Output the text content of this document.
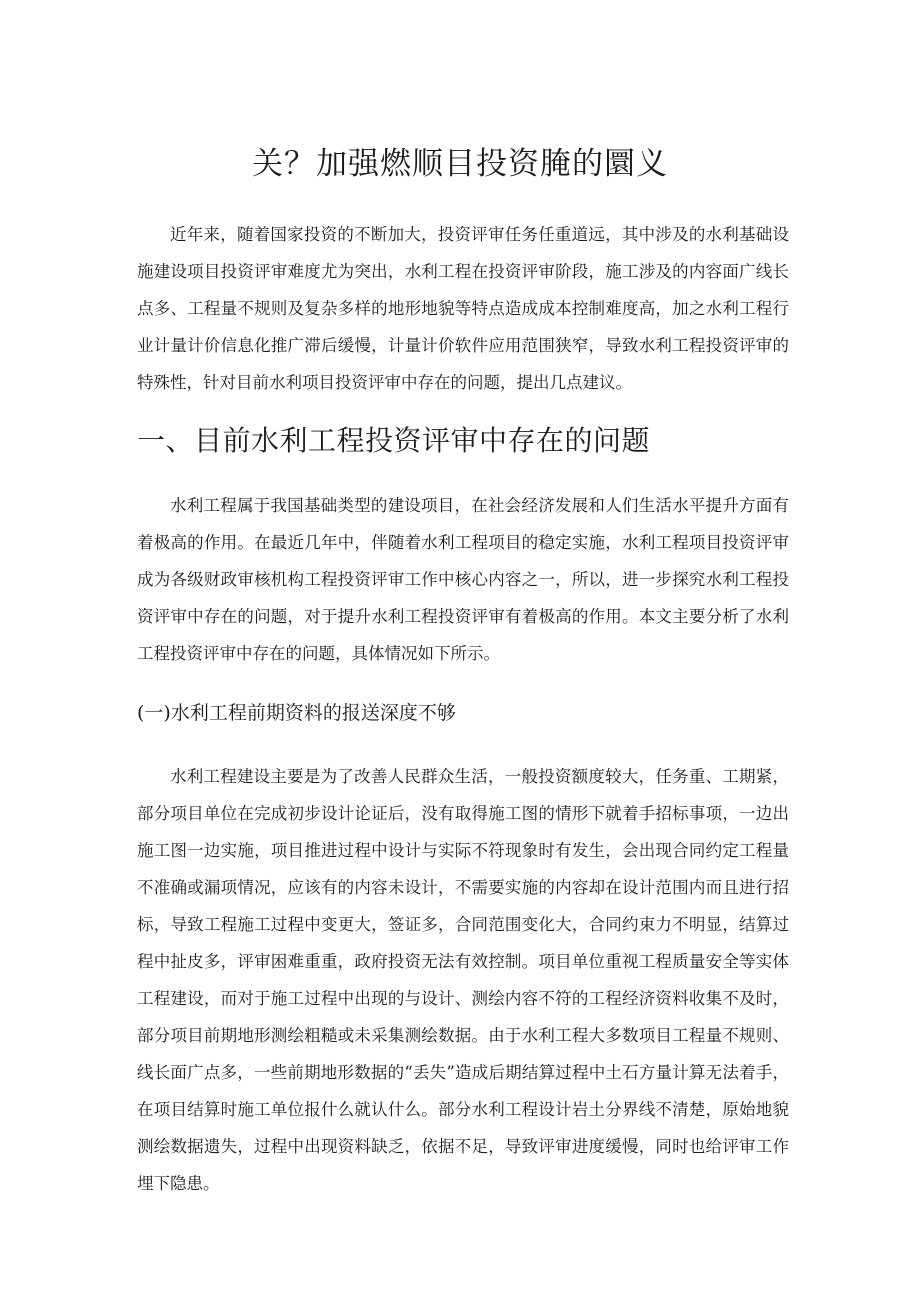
关？加强燃顺目投资腌的圜义

近年来，随着国家投资的不断加大，投资评审任务任重道远，其中涉及的水利基础设施建设项目投资评审难度尤为突出，水利工程在投资评审阶段，施工涉及的内容面广线长点多、工程量不规则及复杂多样的地形地貌等特点造成成本控制难度高，加之水利工程行业计量计价信息化推广滞后缓慢，计量计价软件应用范围狭窄，导致水利工程投资评审的特殊性，针对目前水利项目投资评审中存在的问题，提出几点建议。

一、目前水利工程投资评审中存在的问题

水利工程属于我国基础类型的建设项目，在社会经济发展和人们生活水平提升方面有着极高的作用。在最近几年中，伴随着水利工程项目的稳定实施，水利工程项目投资评审成为各级财政审核机构工程投资评审工作中核心内容之一，所以，进一步探究水利工程投资评审中存在的问题，对于提升水利工程投资评审有着极高的作用。本文主要分析了水利工程投资评审中存在的问题，具体情况如下所示。

(一)水利工程前期资料的报送深度不够

水利工程建设主要是为了改善人民群众生活，一般投资额度较大，任务重、工期紧，部分项目单位在完成初步设计论证后，没有取得施工图的情形下就着手招标事项，一边出施工图一边实施，项目推进过程中设计与实际不符现象时有发生，会出现合同约定工程量不准确或漏项情况，应该有的内容未设计，不需要实施的内容却在设计范围内而且进行招标，导致工程施工过程中变更大，签证多，合同范围变化大，合同约束力不明显，结算过程中扯皮多，评审困难重重，政府投资无法有效控制。项目单位重视工程质量安全等实体工程建设，而对于施工过程中出现的与设计、测绘内容不符的工程经济资料收集不及时，部分项目前期地形测绘粗糙或未采集测绘数据。由于水利工程大多数项目工程量不规则、线长面广点多，一些前期地形数据的“丢失”造成后期结算过程中土石方量计算无法着手，在项目结算时施工单位报什么就认什么。部分水利工程设计岩土分界线不清楚，原始地貌测绘数据遗失，过程中出现资料缺乏，依据不足，导致评审进度缓慢，同时也给评审工作埋下隐患。
